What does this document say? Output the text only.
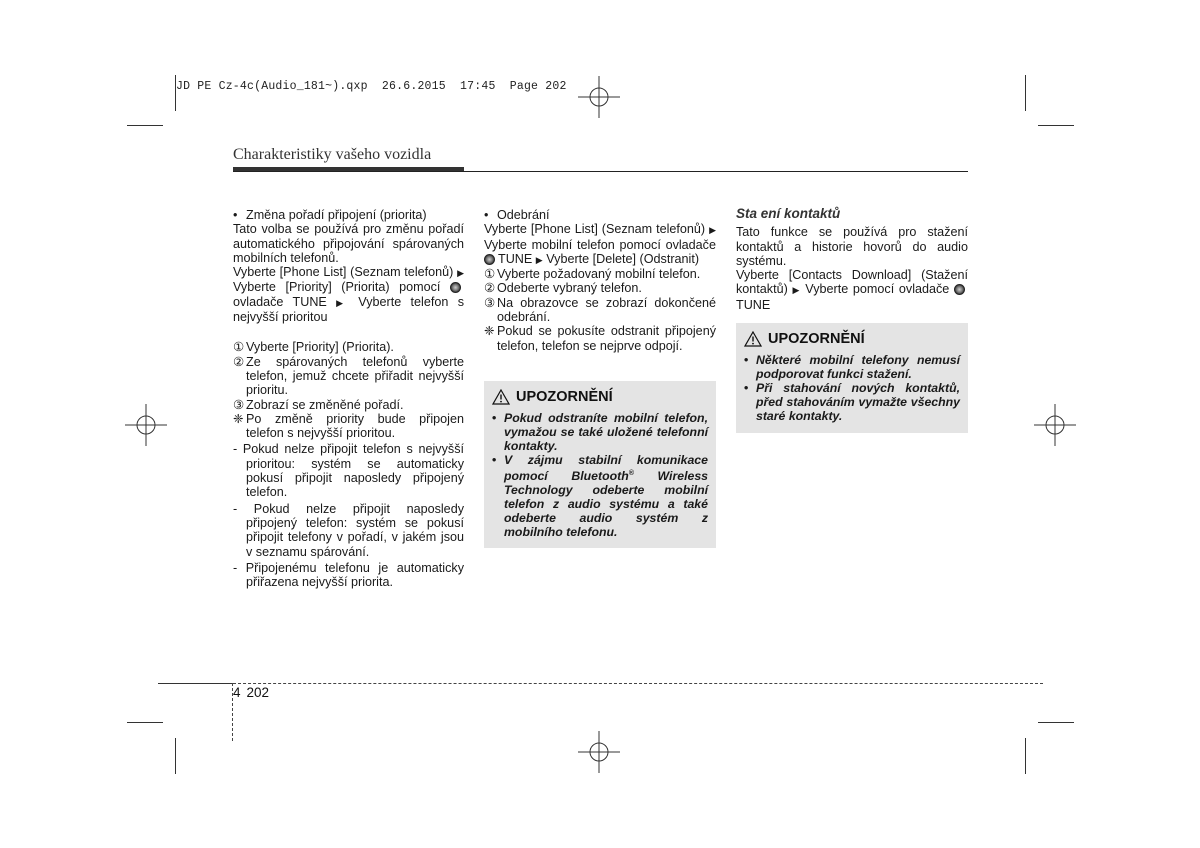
JD PE Cz-4c(Audio_181~).qxp  26.6.2015  17:45  Page 202
Charakteristiky vašeho vozidla

• Změna pořadí připojení (priorita)

Tato volba se používá pro změnu pořadí automatického připojování spárovaných mobilních telefonů.

Vyberte [Phone List] (Seznam telefonů) ▶ Vyberte [Priority] (Priorita) pomocí ovladače TUNE ▶ Vyberte telefon s nejvyšší prioritou

① Vyberte [Priority] (Priorita).

② Ze spárovaných telefonů vyberte telefon, jemuž chcete přiřadit nejvyšší prioritu.

③ Zobrazí se změněné pořadí.

❈ Po změně priority bude připojen telefon s nejvyšší prioritou.

- Pokud nelze připojit telefon s nejvyšší prioritou: systém se automaticky pokusí připojit naposledy připojený telefon.

- Pokud nelze připojit naposledy připojený telefon: systém se pokusí připojit telefony v pořadí, v jakém jsou v seznamu spárování.

- Připojenému telefonu je automaticky přiřazena nejvyšší priorita.

• Odebrání

Vyberte [Phone List] (Seznam telefonů) ▶ Vyberte mobilní telefon pomocí ovladače TUNE ▶ Vyberte [Delete] (Odstranit)

① Vyberte požadovaný mobilní telefon.

② Odeberte vybraný telefon.

③ Na obrazovce se zobrazí dokončené odebrání.

❈ Pokud se pokusíte odstranit připojený telefon, telefon se nejprve odpojí.

UPOZORNĚNÍ

• Pokud odstraníte mobilní telefon, vymažou se také uložené telefonní kontakty.

• V zájmu stabilní komunikace pomocí Bluetooth® Wireless Technology odeberte mobilní telefon z audio systému a také odeberte audio systém z mobilního telefonu.

Sta ení kontaktů

Tato funkce se používá pro stažení kontaktů a historie hovorů do audio systému.

Vyberte [Contacts Download] (Stažení kontaktů) ▶ Vyberte pomocí ovladače TUNE

UPOZORNĚNÍ

• Některé mobilní telefony nemusí podporovat funkci stažení.

• Při stahování nových kontaktů, před stahováním vymažte všechny staré kontakty.

4 202
